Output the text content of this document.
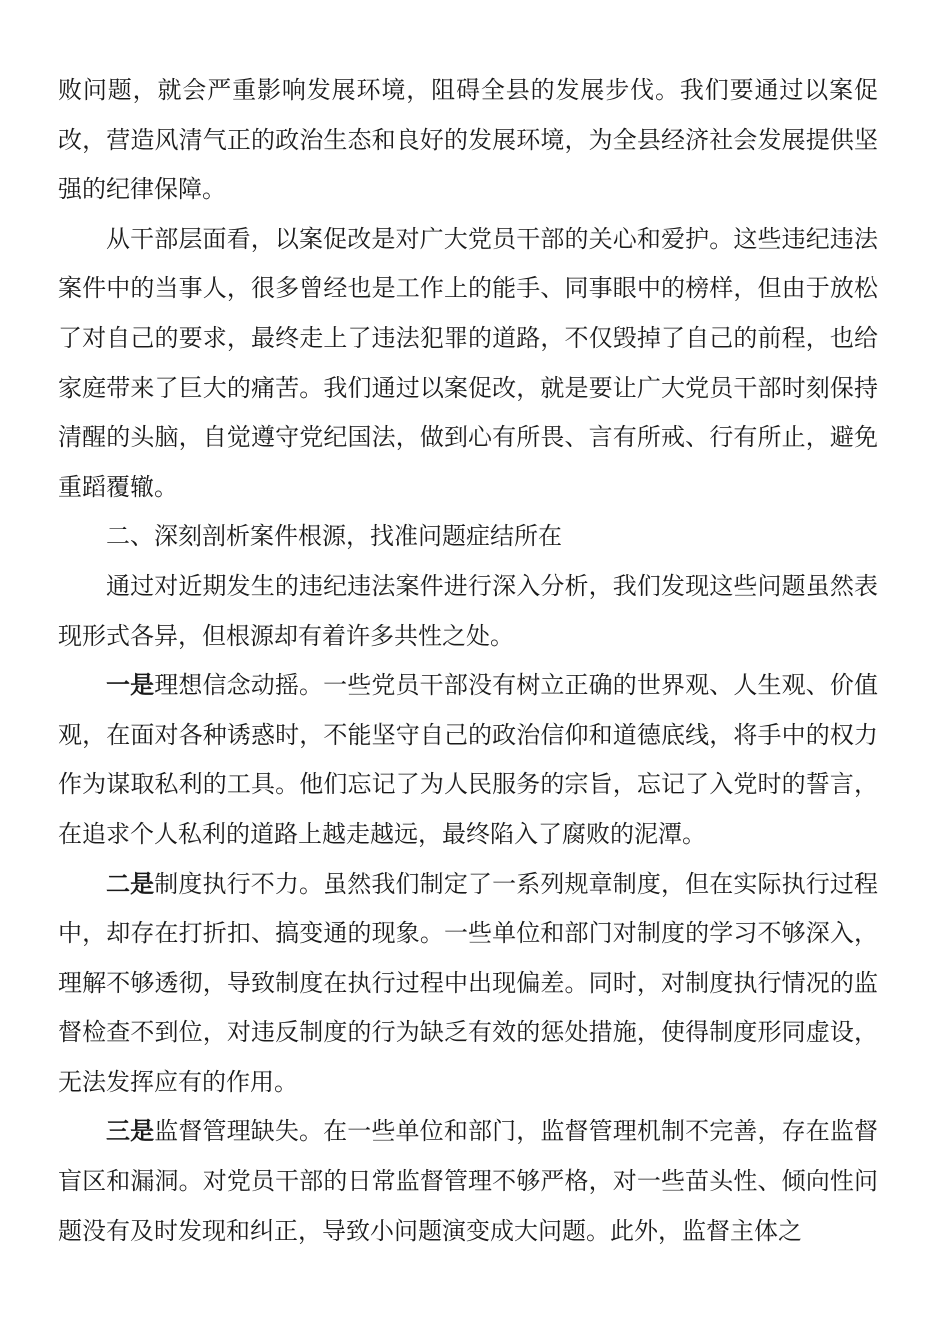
败问题，就会严重影响发展环境，阻碍全县的发展步伐。我们要通过以案促改，营造风清气正的政治生态和良好的发展环境，为全县经济社会发展提供坚强的纪律保障。

从干部层面看，以案促改是对广大党员干部的关心和爱护。这些违纪违法案件中的当事人，很多曾经也是工作上的能手、同事眼中的榜样，但由于放松了对自己的要求，最终走上了违法犯罪的道路，不仅毁掉了自己的前程，也给家庭带来了巨大的痛苦。我们通过以案促改，就是要让广大党员干部时刻保持清醒的头脑，自觉遵守党纪国法，做到心有所畏、言有所戒、行有所止，避免重蹈覆辙。

二、深刻剖析案件根源，找准问题症结所在

通过对近期发生的违纪违法案件进行深入分析，我们发现这些问题虽然表现形式各异，但根源却有着许多共性之处。

一是理想信念动摇。一些党员干部没有树立正确的世界观、人生观、价值观，在面对各种诱惑时，不能坚守自己的政治信仰和道德底线，将手中的权力作为谋取私利的工具。他们忘记了为人民服务的宗旨，忘记了入党时的誓言，在追求个人私利的道路上越走越远，最终陷入了腐败的泥潭。

二是制度执行不力。虽然我们制定了一系列规章制度，但在实际执行过程中，却存在打折扣、搞变通的现象。一些单位和部门对制度的学习不够深入，理解不够透彻，导致制度在执行过程中出现偏差。同时，对制度执行情况的监督检查不到位，对违反制度的行为缺乏有效的惩处措施，使得制度形同虚设，无法发挥应有的作用。

三是监督管理缺失。在一些单位和部门，监督管理机制不完善，存在监督盲区和漏洞。对党员干部的日常监督管理不够严格，对一些苗头性、倾向性问题没有及时发现和纠正，导致小问题演变成大问题。此外，监督主体之
